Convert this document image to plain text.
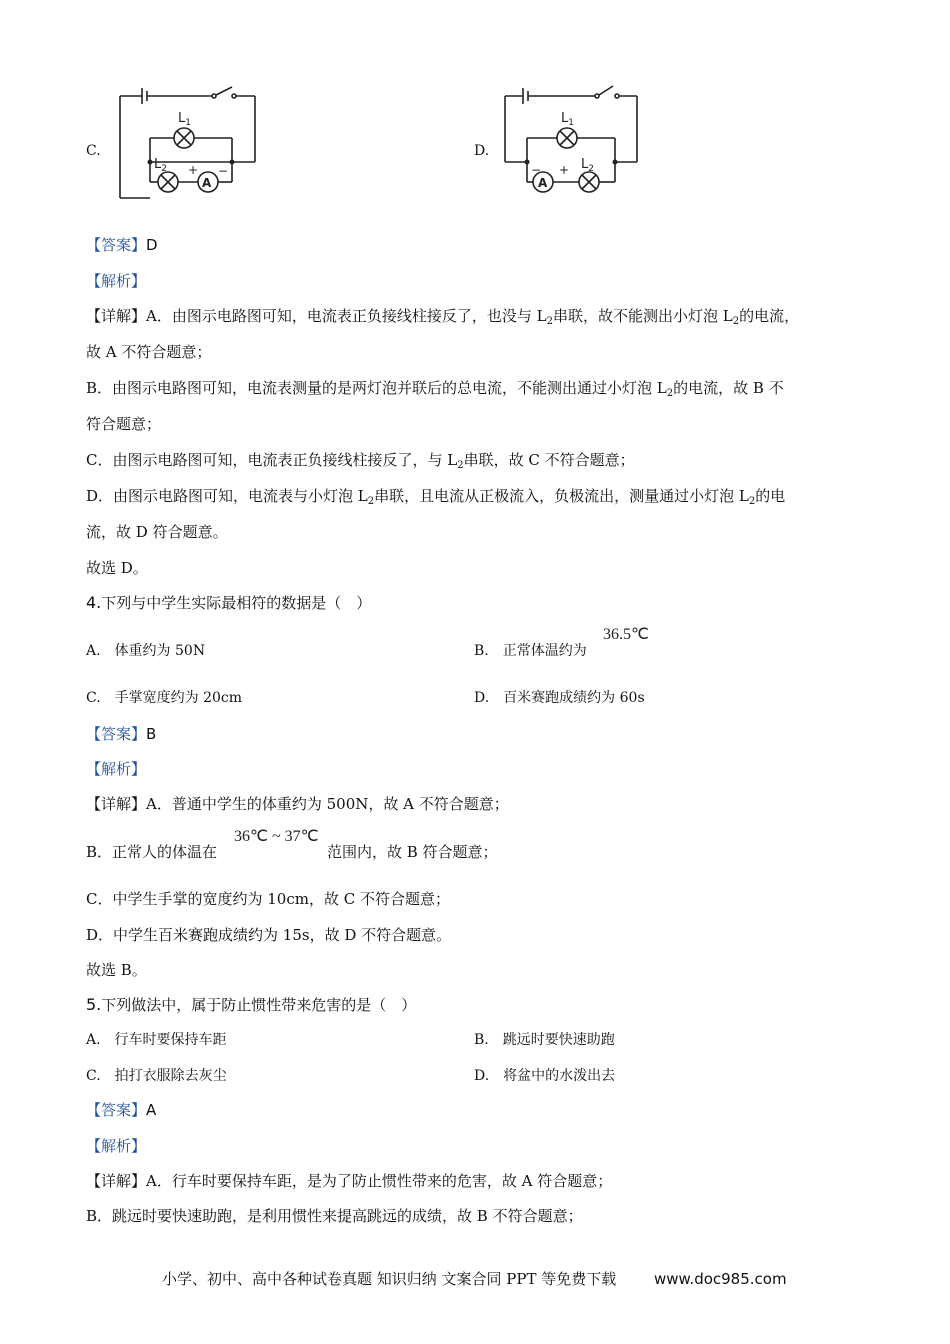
C.
$L_1$
$L_2$
A
+ −
D.
$L_1$
$L_2$
A
− +
【答案】D
【解析】
【详解】A．由图示电路图可知，电流表正负接线柱接反了，也没与 $L_2$串联，故不能测出小灯泡 $L_2$的电流，
故 A 不符合题意；
B．由图示电路图可知，电流表测量的是两灯泡并联后的总电流，不能测出通过小灯泡 $L_2$的电流，故 B 不
符合题意；
C．由图示电路图可知，电流表正负接线柱接反了，与 $L_2$串联，故 C 不符合题意；
D．由图示电路图可知，电流表与小灯泡 $L_2$串联，且电流从正极流入，负极流出，测量通过小灯泡 $L_2$的电
流，故 D 符合题意。
故选 D。
4.下列与中学生实际最相符的数据是（　）
A.　体重约为 50N	B.　正常体温约为
36.5℃
C.　手掌宽度约为 20cm	D.　百米赛跑成绩约为 60s
【答案】B
【解析】
【详解】A．普通中学生的体重约为 500N，故 A 不符合题意；
B．正常人的体温在
36℃ ~ 37℃
范围内，故 B 符合题意；
C．中学生手掌的宽度约为 10cm，故 C 不符合题意；
D．中学生百米赛跑成绩约为 15s，故 D 不符合题意。
故选 B。
5.下列做法中，属于防止惯性带来危害的是（　）
A.　行车时要保持车距	B.　跳远时要快速助跑
C.　拍打衣服除去灰尘	D.　将盆中的水泼出去
【答案】A
【解析】
【详解】A．行车时要保持车距，是为了防止惯性带来的危害，故 A 符合题意；
B．跳远时要快速助跑，是利用惯性来提高跳远的成绩，故 B 不符合题意；
小学、初中、高中各种试卷真题 知识归纳 文案合同 PPT 等免费下载	www.doc985.com
